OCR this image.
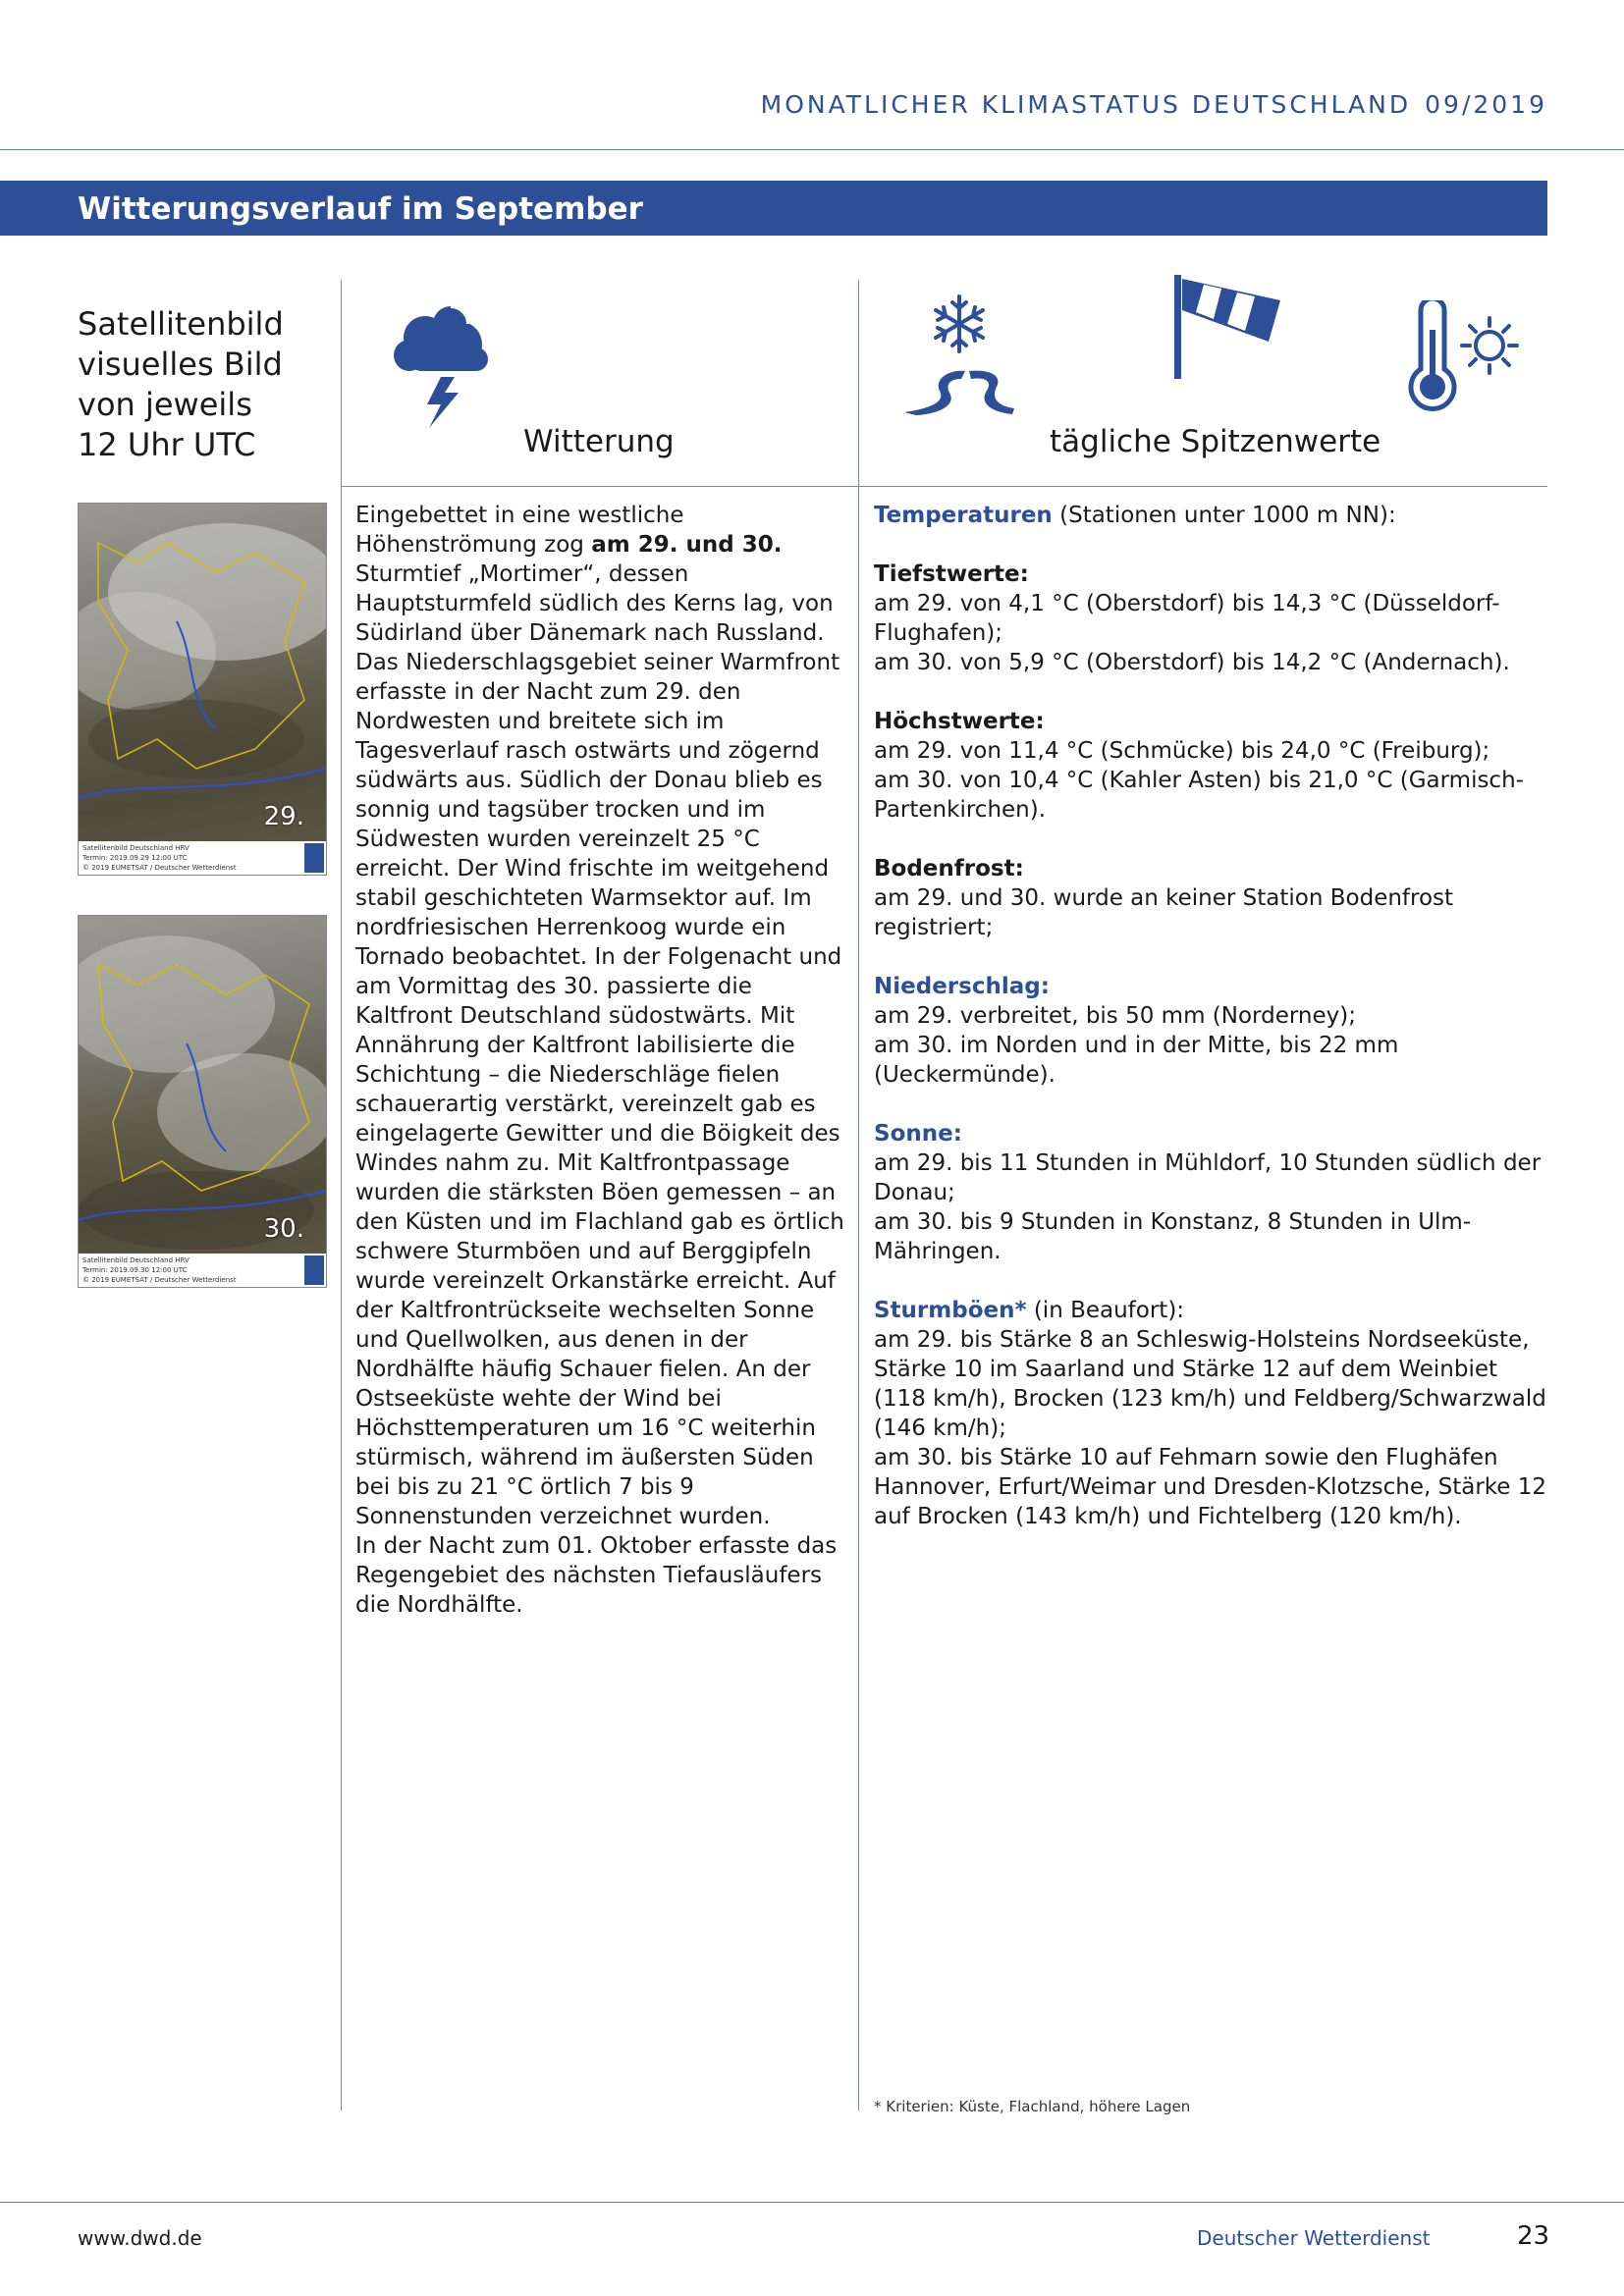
MONATLICHER KLIMASTATUS DEUTSCHLAND 09/2019
Witterungsverlauf im September
Satellitenbild
visuelles Bild
von jeweils
12 Uhr UTC	Witterung	tägliche Spitzenwerte
29.
Satellitenbild Deutschland HRV
Termin: 2019.09.29 12:00 UTC
© 2019 EUMETSAT / Deutscher Wetterdienst
30.
Satellitenbild Deutschland HRV
Termin: 2019.09.30 12:00 UTC
© 2019 EUMETSAT / Deutscher Wetterdienst

Eingebettet in eine westliche Höhenströmung zog am 29. und 30. Sturmtief „Mortimer“, dessen Hauptsturmfeld südlich des Kerns lag, von Südirland über Dänemark nach Russland. Das Niederschlagsgebiet seiner Warmfront erfasste in der Nacht zum 29. den Nordwesten und breitete sich im Tagesverlauf rasch ostwärts und zögernd südwärts aus. Südlich der Donau blieb es sonnig und tagsüber trocken und im Südwesten wurden vereinzelt 25 °C erreicht. Der Wind frischte im weitgehend stabil geschichteten Warmsektor auf. Im nordfriesischen Herrenkoog wurde ein Tornado beobachtet. In der Folgenacht und am Vormittag des 30. passierte die Kaltfront Deutschland südostwärts. Mit Annährung der Kaltfront labilisierte die Schichtung – die Niederschläge fielen schauerartig verstärkt, vereinzelt gab es eingelagerte Gewitter und die Böigkeit des Windes nahm zu. Mit Kaltfrontpassage wurden die stärksten Böen gemessen – an den Küsten und im Flachland gab es örtlich schwere Sturmböen und auf Berggipfeln wurde vereinzelt Orkanstärke erreicht. Auf der Kaltfrontrückseite wechselten Sonne und Quellwolken, aus denen in der Nordhälfte häufig Schauer fielen. An der Ostseeküste wehte der Wind bei Höchsttemperaturen um 16 °C weiterhin stürmisch, während im äußersten Süden bei bis zu 21 °C örtlich 7 bis 9 Sonnenstunden verzeichnet wurden.

In der Nacht zum 01. Oktober erfasste das Regengebiet des nächsten Tiefausläufers die Nordhälfte.

Temperaturen (Stationen unter 1000 m NN):
Tiefstwerte:
am 29. von 4,1 °C (Oberstdorf) bis 14,3 °C (Düsseldorf-Flughafen);
am 30. von 5,9 °C (Oberstdorf) bis 14,2 °C (Andernach).
Höchstwerte:
am 29. von 11,4 °C (Schmücke) bis 24,0 °C (Freiburg);
am 30. von 10,4 °C (Kahler Asten) bis 21,0 °C (Garmisch-Partenkirchen).
Bodenfrost:
am 29. und 30. wurde an keiner Station Bodenfrost registriert;
Niederschlag:
am 29. verbreitet, bis 50 mm (Norderney);
am 30. im Norden und in der Mitte, bis 22 mm (Ueckermünde).
Sonne:
am 29. bis 11 Stunden in Mühldorf, 10 Stunden südlich der Donau;
am 30. bis 9 Stunden in Konstanz, 8 Stunden in Ulm-Mähringen.
Sturmböen* (in Beaufort):
am 29. bis Stärke 8 an Schleswig-Holsteins Nordseeküste, Stärke 10 im Saarland und Stärke 12 auf dem Weinbiet (118 km/h), Brocken (123 km/h) und Feldberg/Schwarzwald (146 km/h);
am 30. bis Stärke 10 auf Fehmarn sowie den Flughäfen Hannover, Erfurt/Weimar und Dresden-Klotzsche, Stärke 12 auf Brocken (143 km/h) und Fichtelberg (120 km/h).
* Kriterien: Küste, Flachland, höhere Lagen
www.dwd.de	Deutscher Wetterdienst	23
